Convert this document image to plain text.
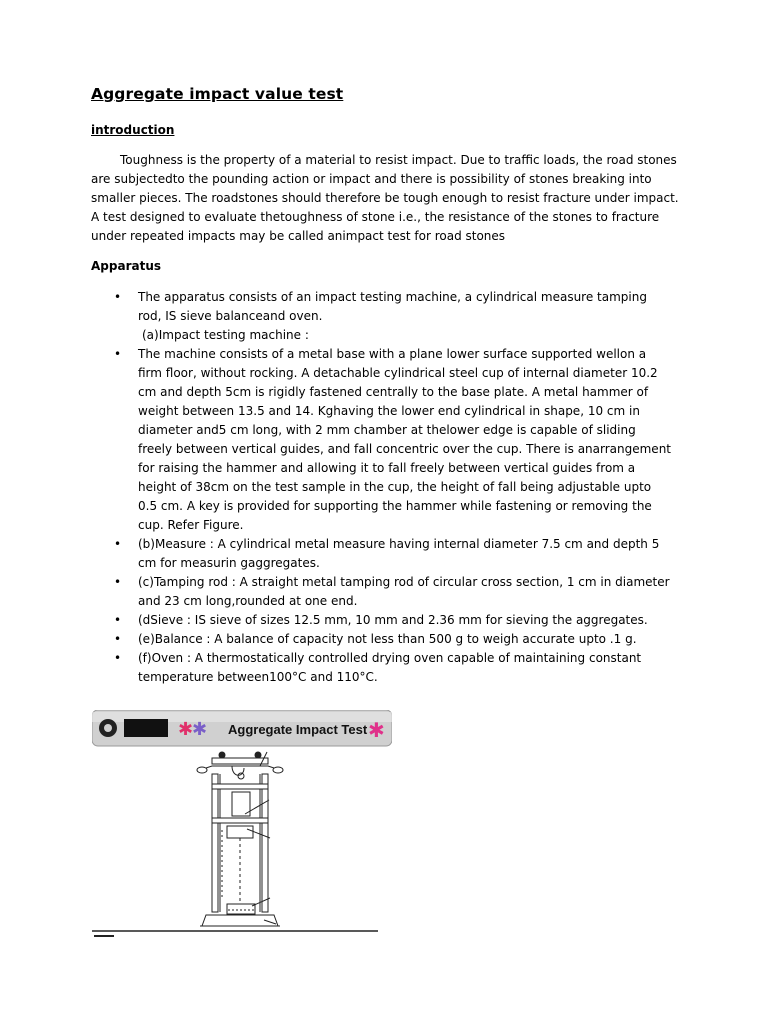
Aggregate impact value test

introduction

Toughness is the property of a material to resist impact. Due to traffic loads, the road stones are subjectedto the pounding action or impact and there is possibility of stones breaking into smaller pieces. The roadstones should therefore be tough enough to resist fracture under impact. A test designed to evaluate thetoughness of stone i.e., the resistance of the stones to fracture under repeated impacts may be called animpact test for road stones

Apparatus

• The apparatus consists of an impact testing machine, a cylindrical measure tamping rod, IS sieve balanceand oven.
(a)Impact testing machine :
• The machine consists of a metal base with a plane lower surface supported wellon a firm floor, without rocking. A detachable cylindrical steel cup of internal diameter 10.2 cm and depth 5cm is rigidly fastened centrally to the base plate. A metal hammer of weight between 13.5 and 14. Kghaving the lower end cylindrical in shape, 10 cm in diameter and5 cm long, with 2 mm chamber at thelower edge is capable of sliding freely between vertical guides, and fall concentric over the cup. There is anarrangement for raising the hammer and allowing it to fall freely between vertical guides from a height of 38cm on the test sample in the cup, the height of fall being adjustable upto 0.5 cm. A key is provided for supporting the hammer while fastening or removing the cup. Refer Figure.
• (b)Measure : A cylindrical metal measure having internal diameter 7.5 cm and depth 5 cm for measurin gaggregates.
• (c)Tamping rod : A straight metal tamping rod of circular cross section, 1 cm in diameter and 23 cm long,rounded at one end.
• (dSieve : IS sieve of sizes 12.5 mm, 10 mm and 2.36 mm for sieving the aggregates.
• (e)Balance : A balance of capacity not less than 500 g to weigh accurate upto .1 g.
• (f)Oven : A thermostatically controlled drying oven capable of maintaining constant temperature between100°C and 110°C.
✱
✱ Aggregate Impact Test ✱
